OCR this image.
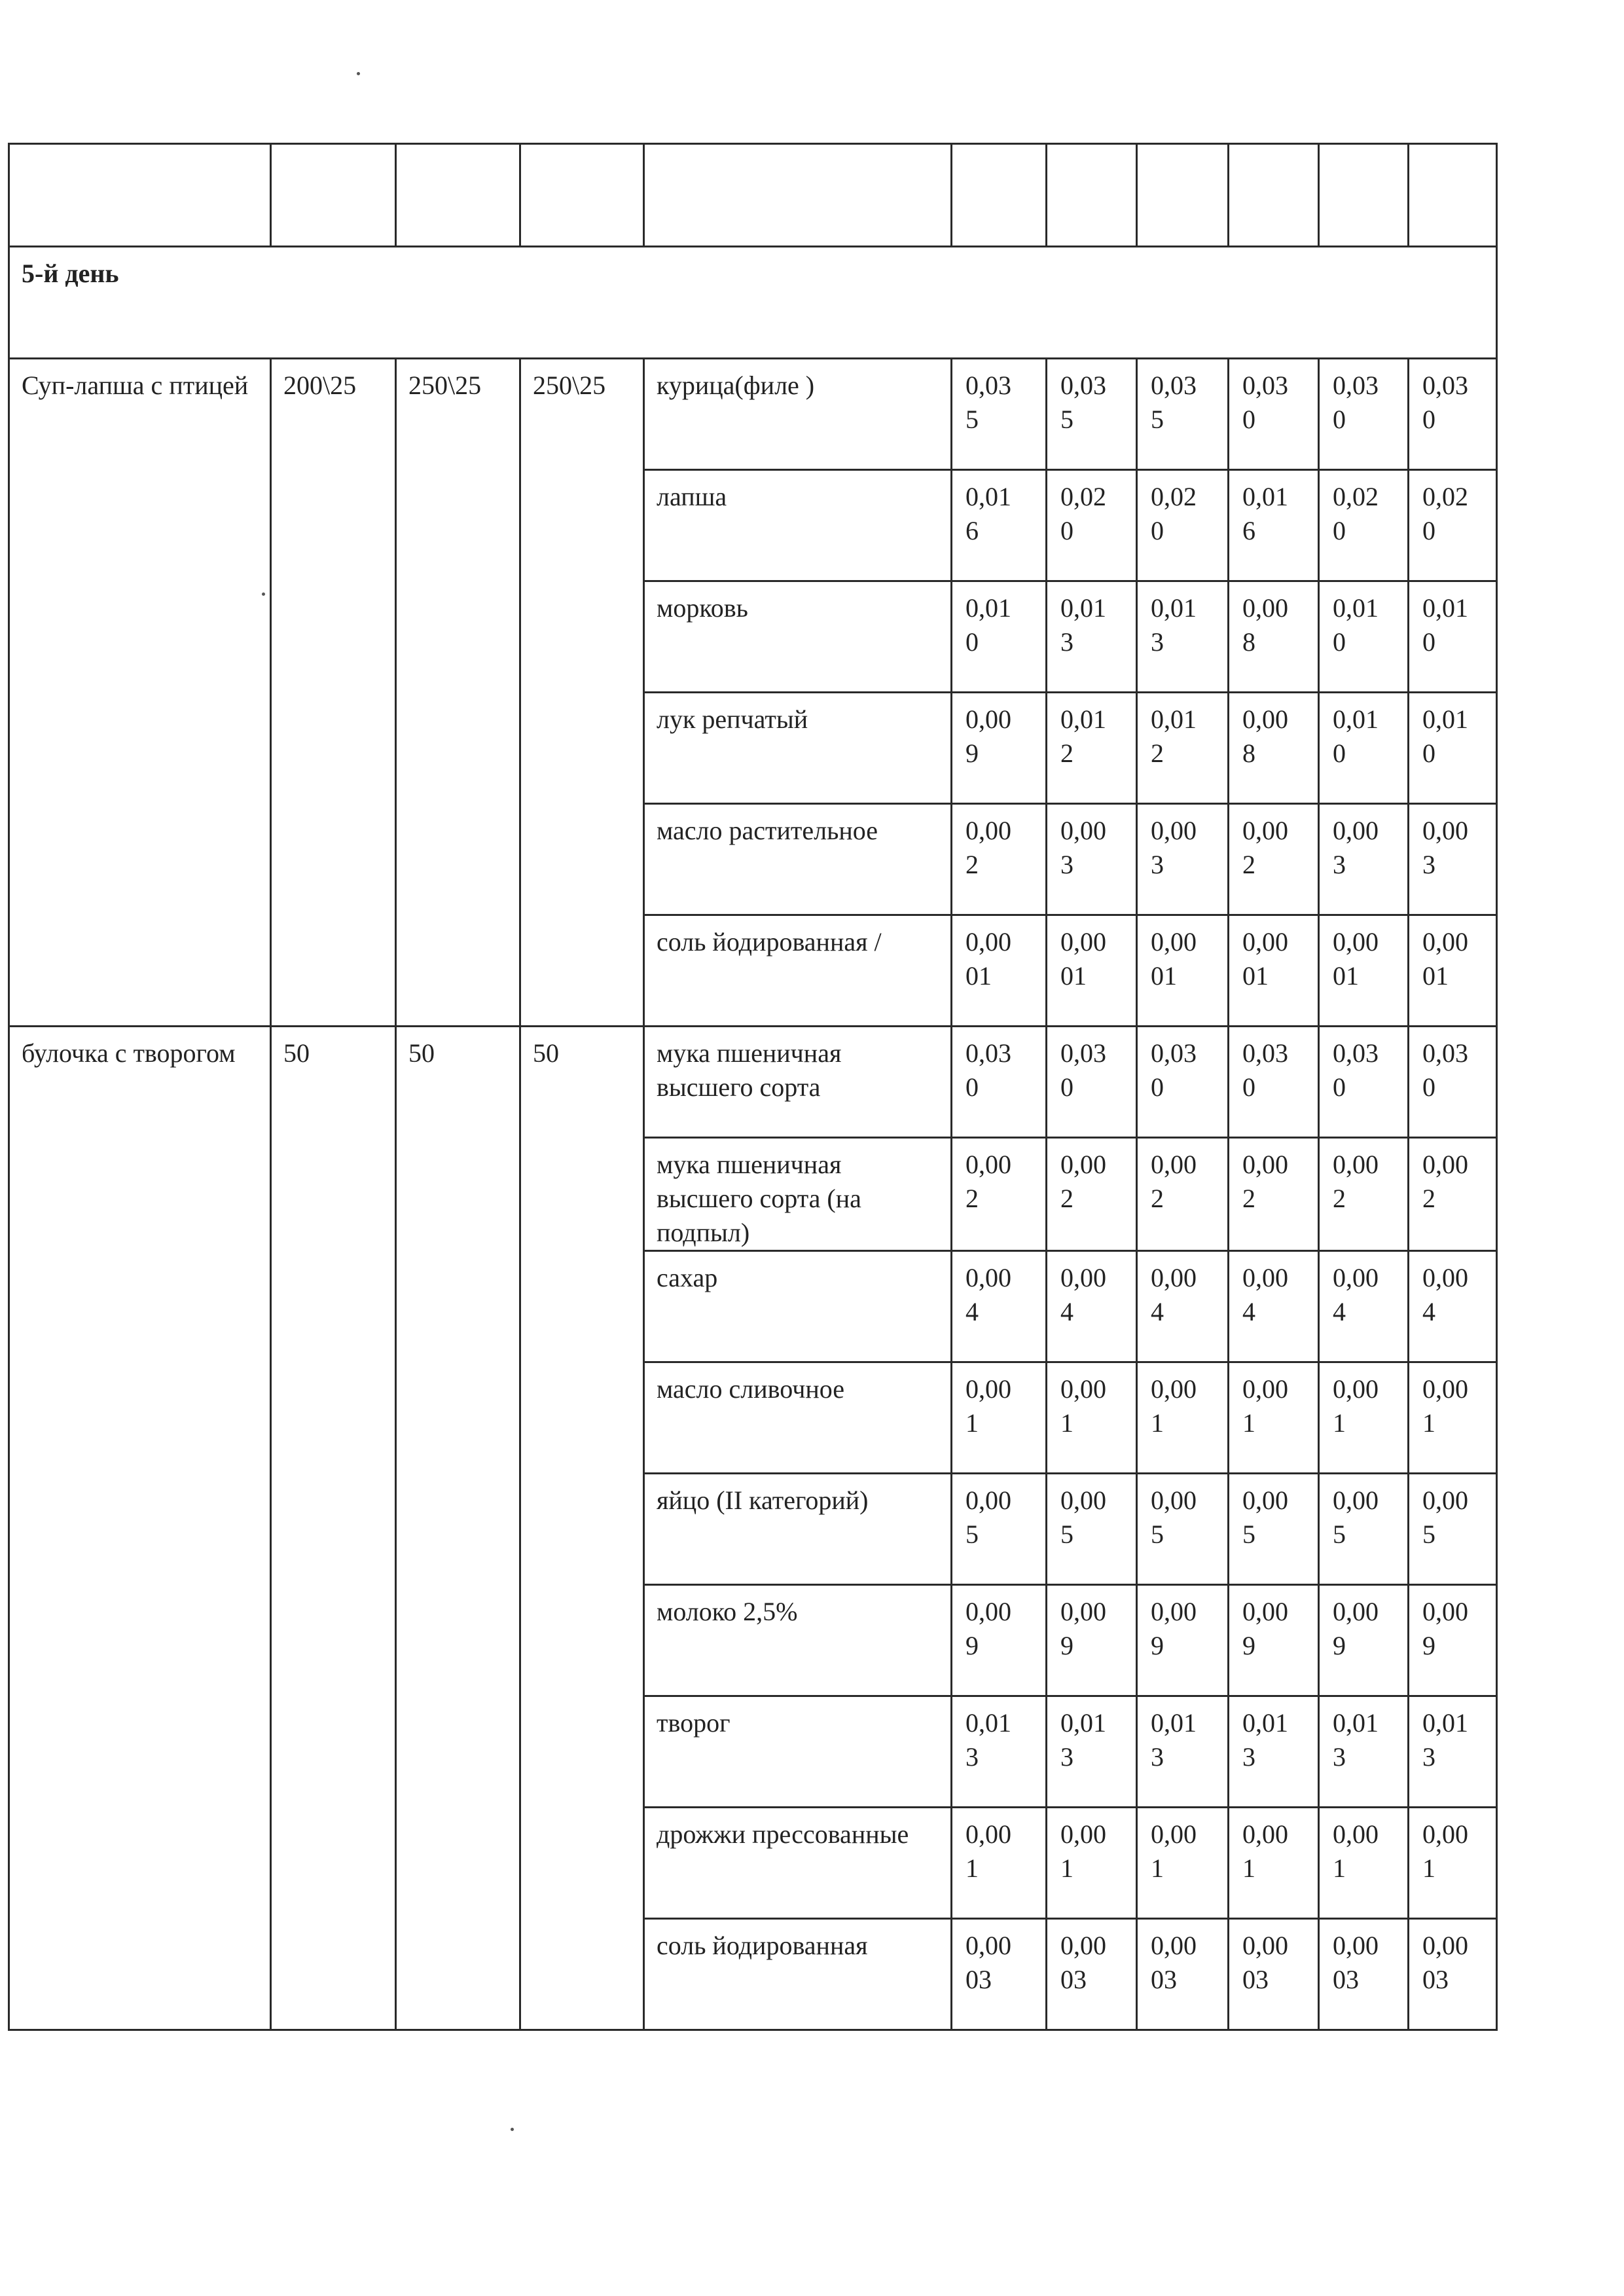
5-й день										
Суп-лапша с птицей	200\25	250\25	250\25	курица(филе )	0,035	0,035	0,035	0,030	0,030	0,030

				лапша	0,016	0,020	0,020	0,016	0,020	0,020

				морковь	0,010	0,013	0,013	0,008	0,010	0,010

				лук репчатый	0,009	0,012	0,012	0,008	0,010	0,010

				масло растительное	0,002	0,003	0,003	0,002	0,003	0,003

				соль йодированная /	0,0001	0,0001	0,0001	0,0001	0,0001	0,0001

булочка с творогом	50	50	50	мука пшеничная высшего сорта	0,030	0,030	0,030	0,030	0,030	0,030

				мука пшеничная высшего сорта (на подпыл)	0,002	0,002	0,002	0,002	0,002	0,002

				сахар	0,004	0,004	0,004	0,004	0,004	0,004

				масло сливочное	0,001	0,001	0,001	0,001	0,001	0,001

				яйцо (II категорий)	0,005	0,005	0,005	0,005	0,005	0,005

				молоко 2,5%	0,009	0,009	0,009	0,009	0,009	0,009

				творог	0,013	0,013	0,013	0,013	0,013	0,013

				дрожжи прессованные	0,001	0,001	0,001	0,001	0,001	0,001

				соль йодированная	0,0003	0,0003	0,0003	0,0003	0,0003	0,0003
